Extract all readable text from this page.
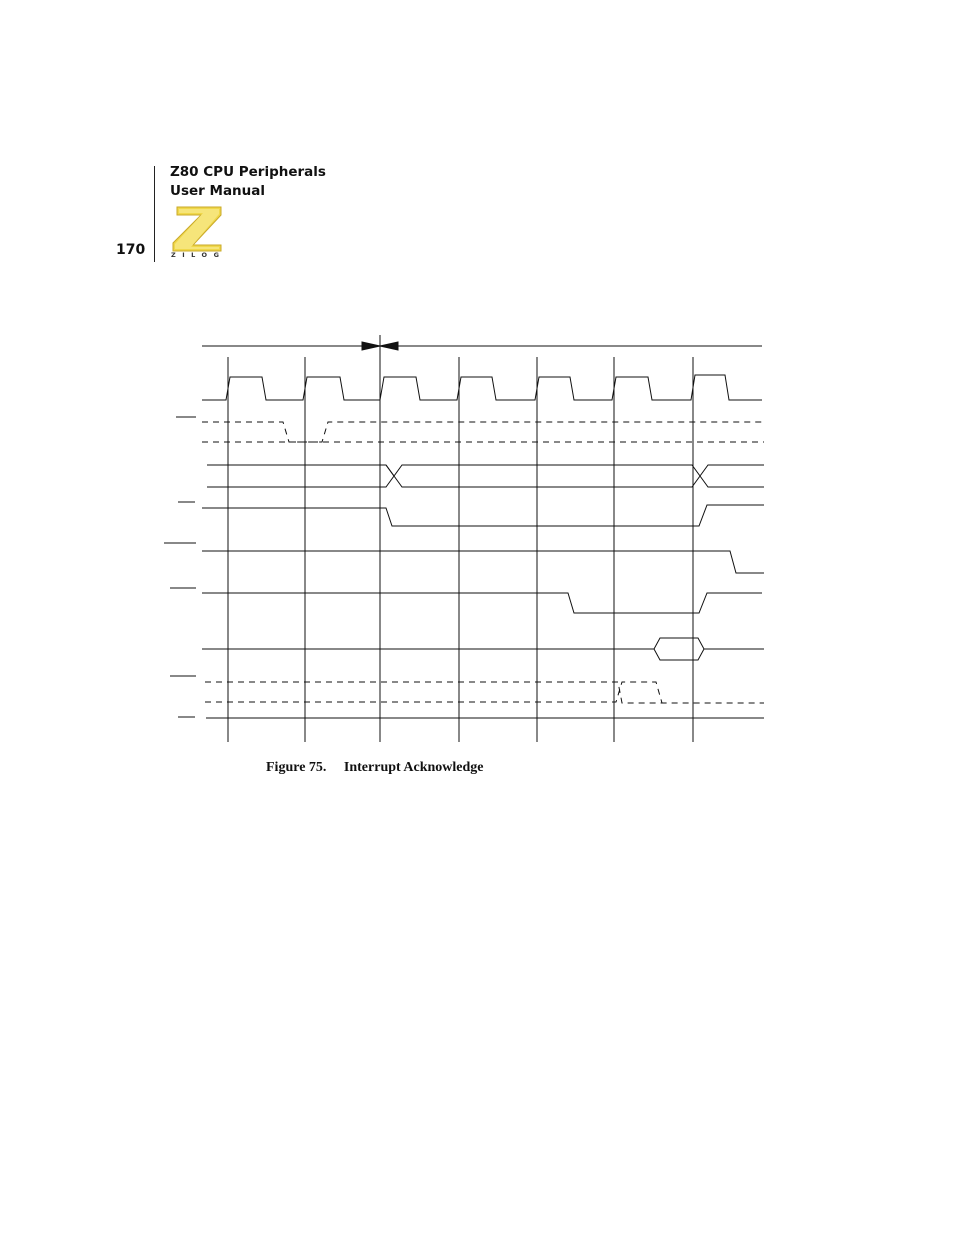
Z80 CPU Peripherals
User Manual
170	ZILOG
Figure 75. Interrupt Acknowledge
